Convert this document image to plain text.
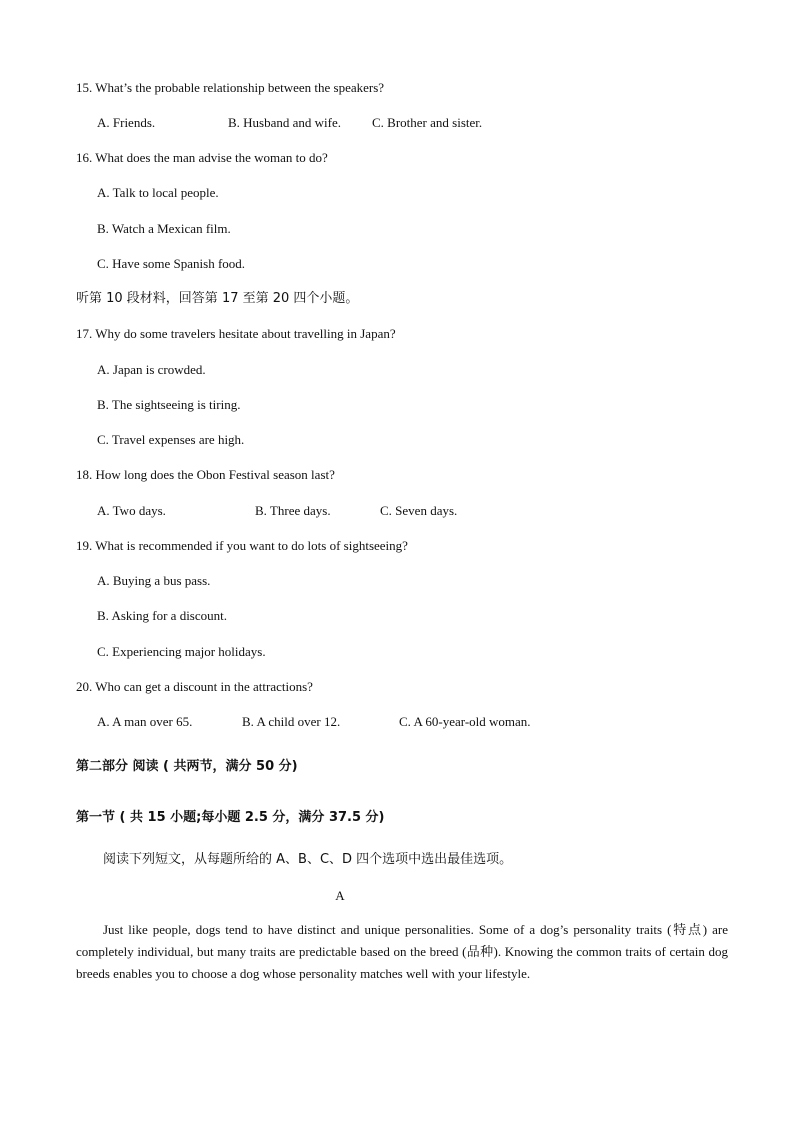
15. What’s the probable relationship between the speakers?
A. Friends.	B. Husband and wife. C. Brother and sister.
16. What does the man advise the woman to do?
A. Talk to local people.
B. Watch a Mexican film.
C. Have some Spanish food.
听第 10 段材料，回答第 17 至第 20 四个小题。
17. Why do some travelers hesitate about travelling in Japan?
A. Japan is crowded.
B. The sightseeing is tiring.
C. Travel expenses are high.
18. How long does the Obon Festival season last?
A. Two days.	B. Three days.	C. Seven days.
19. What is recommended if you want to do lots of sightseeing?
A. Buying a bus pass.
B. Asking for a discount.
C. Experiencing major holidays.
20. Who can get a discount in the attractions?
A. A man over 65.	B. A child over 12.	C. A 60-year-old woman.
第二部分 阅读 ( 共两节，满分 50 分)
第一节 ( 共 15 小题;每小题 2.5 分，满分 37.5 分)
阅读下列短文，从每题所给的 A、B、C、D 四个选项中选出最佳选项。
A
Just like people, dogs tend to have distinct and unique personalities. Some of a dog’s personality traits (特点) are completely individual, but many traits are predictable based on the breed (品种). Knowing the common traits of certain dog breeds enables you to choose a dog whose personality matches well with your lifestyle.
